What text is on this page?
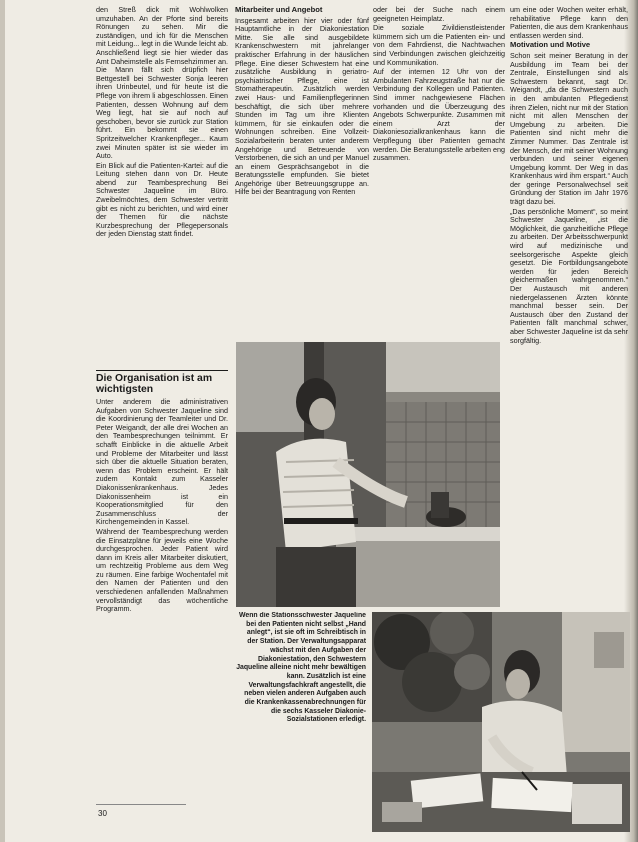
den Streß dick mit Wohlwolken umzuhaben. An der Pforte sind bereits Rönungen zu sehen. Mir die zuständigen, und ich für die Menschen mit Leidung... legt in die Wunde leicht ab. Anschließend liegt sie hier wieder das Amt Daheimstelle als Fernsehzimmer an. Die Mann fällt sich drüpfich hier Bettgestell bei Schwester Sonja leeren ihren Urinbeutel, und für heute ist die Pflege von ihrem li abgeschlossen. Einen Patienten, dessen Wohnung auf dem Weg liegt, hat sie auf noch auf geschoben, bevor sie zurück zur Station führt. Ein bekommt sie einen Spritzeitwelcher Krankenpfleger... Kaum zwei Minuten später ist sie wieder im Auto.

Ein Blick auf die Patienten-Kartei: auf die Leitung stehen dann von Dr. Heute abend zur Teambesprechung Bei Schwester Jaqueline im Büro. Zweibelmöchtes, dem Schwester vertritt gibt es nicht zu berichten, und wird einer der Themen für die nächste Kurzbesprechung der Pflegepersonals der jeden Dienstag statt findet.

Mitarbeiter und Angebot

Insgesamt arbeiten hier vier oder fünf Hauptamtliche in der Diakoniestation Mitte. Sie alle sind ausgebildete Krankenschwestern mit jahrelanger praktischer Erfahrung in der häuslichen Pflege. Eine dieser Schwestern hat eine zusätzliche Ausbildung in geriatro-psychiatrischer Pflege, eine ist Stomatherapeutin. Zusätzlich werden zwei Haus- und Familienpflegerinnen beschäftigt, die sich über mehrere Stunden im Tag um ihre Klienten kümmern, für sie einkaufen oder die Wohnungen schreiben. Eine Vollzeit-Sozialarbeiterin beraten unter anderem Angehörige und Betreuende von Verstorbenen, die sich an und per Manuel an einem Gesprächsangebot in die Beratungsstelle empfunden. Sie bietet Angehörige über Betreuungsgruppe an. Hilfe bei der Beantragung von Renten

oder bei der Suche nach einem geeigneten Heimplatz.

Die soziale Zivildienstleistender kümmern sich um die Patienten ein- und von dem Fahrdienst, die Nachtwachen sind Verbindungen zwischen gleichzeitig und Kommunikation.

Auf der internen 12 Uhr von der Ambulanten Fahrzeugstraße hat nur die Verbindung der Kollegen und Patienten. Sind immer nachgewiesene Flächen vorhanden und die Überzeugung des Angebots Schwerpunkte. Zusammen mit einem Arzt der Diakoniesozialkrankenhaus kann die Verpflegung über Patienten gemacht werden. Die Beratungsstelle arbeiten eng zusammen.

um eine oder Wochen weiter erhält, rehabilitative Pflege kann den Patienten, die aus dem Krankenhaus entlassen werden sind.

Motivation und Motive

Schon seit meiner Beratung in der Ausbildung im Team bei der Zentrale, Einstellungen sind als Schwestern bekannt, sagt Dr. Weigandt, „da die Schwestern auch in den ambulanten Pflegedienst ihren Zielen, nicht nur mit der Station nicht mit allen Menschen der Umgebung zu arbeiten. Die Patienten sind nicht mehr die Zimmer Nummer. Das Zentrale ist der Mensch, der mit seiner Wohnung verbunden und seiner eigenen Umgebung kommt. Der Weg in das Krankenhaus wird ihm erspart.“ Auch der geringe Personalwechsel seit Gründung der Station im Jahr 1976 trägt dazu bei.

„Das persönliche Moment“, so meint Schwester Jaqueline, „ist die Möglichkeit, die ganzheitliche Pflege zu arbeiten. Der Arbeitsschwerpunkt wird auf medizinische und seelsorgerische Aspekte gleich gesetzt. Die Fortbildungsangebote werden für jeden Bereich gleichermaßen wahrgenommen.“ Der Austausch mit anderen niedergelassenen Ärzten könnte manchmal besser sein. Der Austausch über den Zustand der Patienten fällt manchmal schwer, aber Schwester Jaqueline ist da sehr sorgfältig.

Die Organisation ist am wichtigsten

Unter anderem die administrativen Aufgaben von Schwester Jaqueline sind die Koordinierung der Teamleiter und Dr. Peter Weigandt, der alle drei Wochen an den Teambesprechungen teilnimmt. Er schafft Einblicke in die aktuelle Arbeit und Probleme der Mitarbeiter und lässt sich über die aktuelle Situation beraten, wenn das Problem erscheint. Er hält zudem Kontakt zum Kasseler Diakonissenkrankenhaus. Jedes Diakonissenheim ist ein Kooperationsmitglied für den Zusammenschluss der Kirchengemeinden in Kassel.

Während der Teambesprechung werden die Einsatzpläne für jeweils eine Woche durchgesprochen. Jeder Patient wird dann im Kreis aller Mitarbeiter diskutiert, um rechtzeitig Probleme aus dem Weg zu räumen. Eine farbige Wochentafel mit den Namen der Patienten und den verschiedenen anfallenden Maßnahmen vervollständigt das wöchentliche Programm.

Wenn die Stationsschwester Jaqueline bei den Patienten nicht selbst „Hand anlegt“, ist sie oft im Schreibtisch in der Station. Der Verwaltungsapparat wächst mit den Aufgaben der Diakoniestation, den Schwestern Jaqueline alleine nicht mehr bewältigen kann. Zusätzlich ist eine Verwaltungsfachkraft angestellt, die neben vielen anderen Aufgaben auch die Krankenkassenabrechnungen für die sechs Kasseler Diakonie-Sozialstationen erledigt.
30
